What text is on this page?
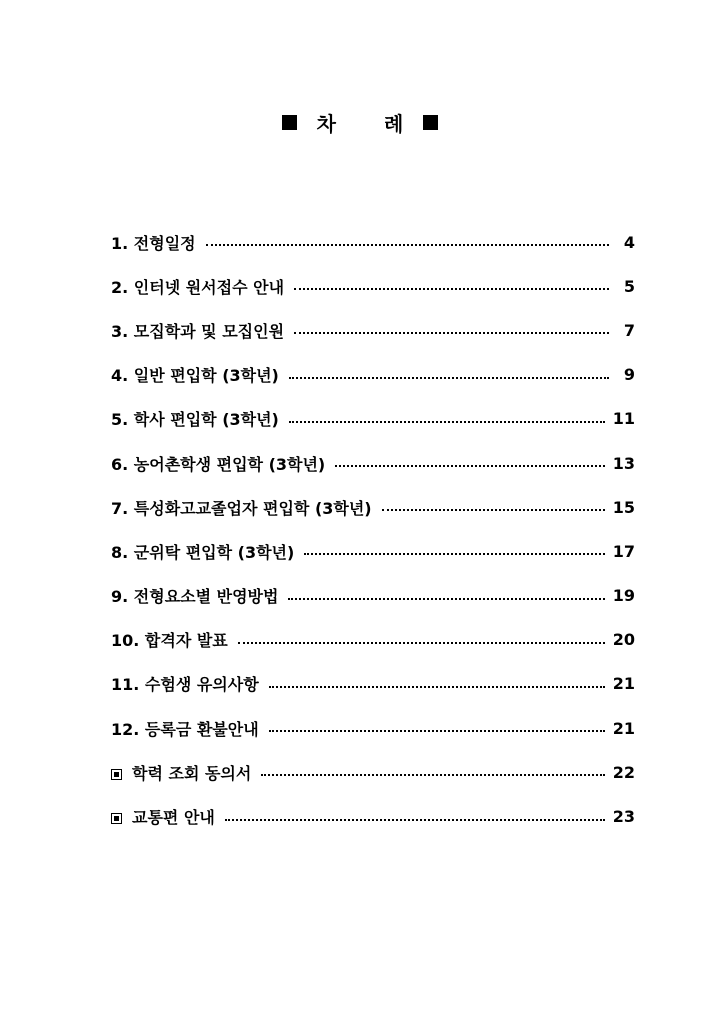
차 례
1. 전형일정	4
2. 인터넷 원서접수 안내	5
3. 모집학과 및 모집인원	7
4. 일반 편입학 (3학년)	9
5. 학사 편입학 (3학년)	11
6. 농어촌학생 편입학 (3학년)	13
7. 특성화고교졸업자 편입학 (3학년)	15
8. 군위탁 편입학 (3학년)	17
9. 전형요소별 반영방법	19
10. 합격자 발표	20
11. 수험생 유의사항	21
12. 등록금 환불안내	21
학력 조회 동의서	22
교통편 안내	23
